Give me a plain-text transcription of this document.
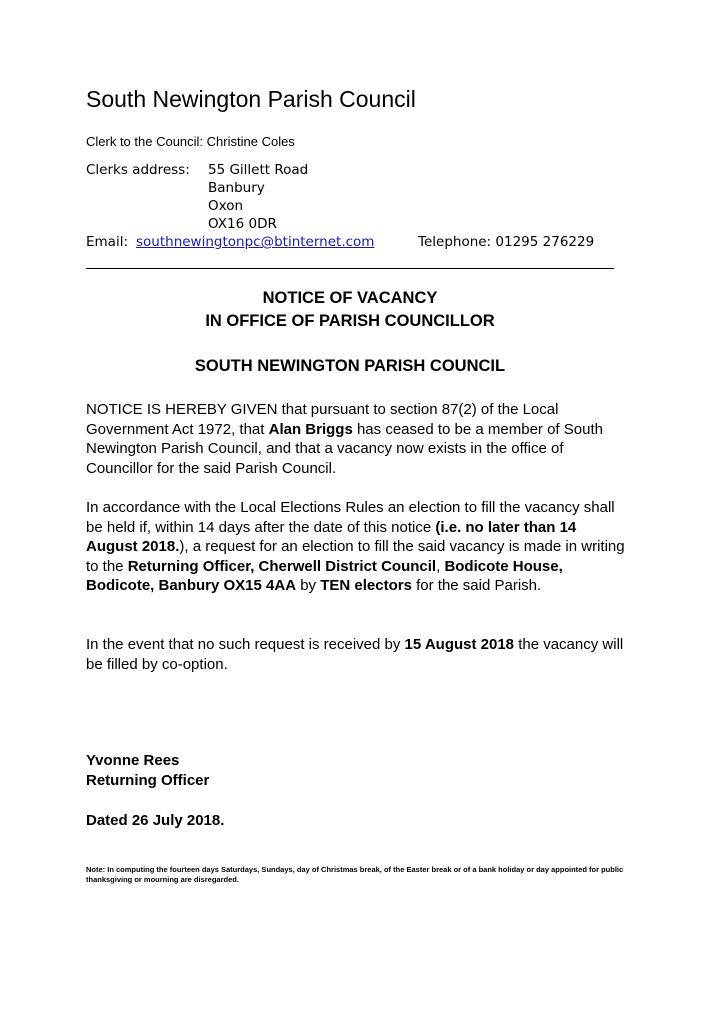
South Newington Parish Council
Clerk to the Council: Christine Coles
Clerks address: 55 Gillett Road
Banbury
Oxon
OX16 0DR
Email: southnewingtonpc@btinternet.com	Telephone: 01295 276229
NOTICE OF VACANCY
IN OFFICE OF PARISH COUNCILLOR
SOUTH NEWINGTON PARISH COUNCIL
NOTICE IS HEREBY GIVEN that pursuant to section 87(2) of the Local Government Act 1972, that Alan Briggs has ceased to be a member of South Newington Parish Council, and that a vacancy now exists in the office of Councillor for the said Parish Council.
In accordance with the Local Elections Rules an election to fill the vacancy shall be held if, within 14 days after the date of this notice (i.e. no later than 14 August 2018.), a request for an election to fill the said vacancy is made in writing to the Returning Officer, Cherwell District Council, Bodicote House, Bodicote, Banbury OX15 4AA by TEN electors for the said Parish.
In the event that no such request is received by 15 August 2018 the vacancy will be filled by co-option.
Yvonne Rees
Returning Officer
Dated 26 July 2018.
Note: In computing the fourteen days Saturdays, Sundays, day of Christmas break, of the Easter break or of a bank holiday or day appointed for public thanksgiving or mourning are disregarded.
